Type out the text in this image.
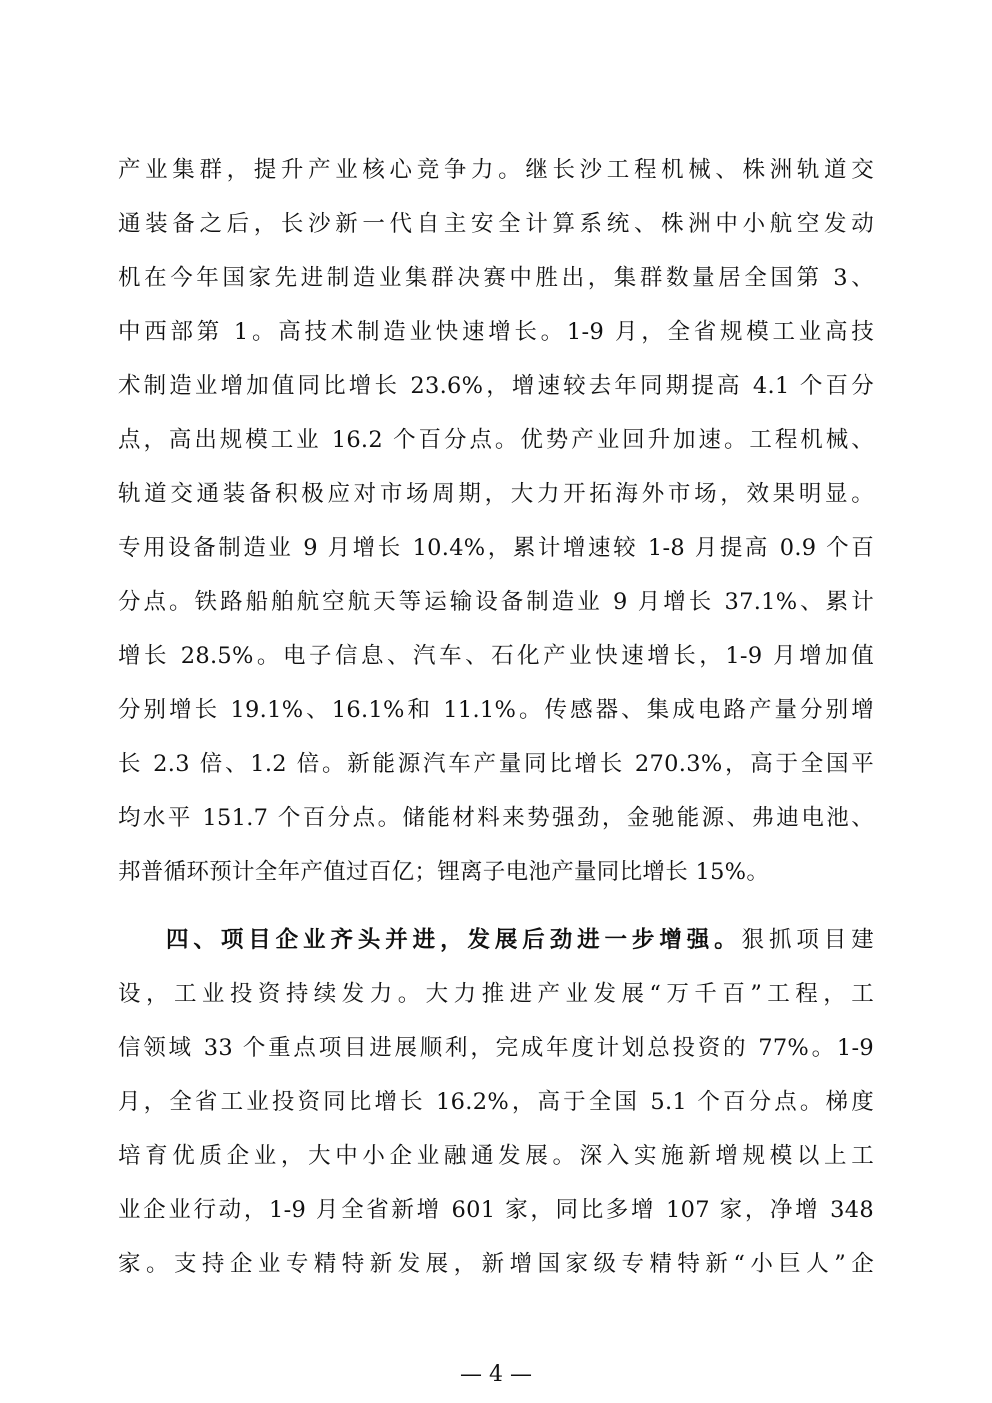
产业集群，提升产业核心竞争力。继长沙工程机械、株洲轨道交
通装备之后，长沙新一代自主安全计算系统、株洲中小航空发动
机在今年国家先进制造业集群决赛中胜出，集群数量居全国第 3、
中西部第 1。高技术制造业快速增长。1-9 月，全省规模工业高技
术制造业增加值同比增长 23.6%，增速较去年同期提高 4.1 个百分
点，高出规模工业 16.2 个百分点。优势产业回升加速。工程机械、
轨道交通装备积极应对市场周期，大力开拓海外市场，效果明显。
专用设备制造业 9 月增长 10.4%，累计增速较 1-8 月提高 0.9 个百
分点。铁路船舶航空航天等运输设备制造业 9 月增长 37.1%、累计
增长 28.5%。电子信息、汽车、石化产业快速增长，1-9 月增加值
分别增长 19.1%、16.1%和 11.1%。传感器、集成电路产量分别增
长 2.3 倍、1.2 倍。新能源汽车产量同比增长 270.3%，高于全国平
均水平 151.7 个百分点。储能材料来势强劲，金驰能源、弗迪电池、
邦普循环预计全年产值过百亿；锂离子电池产量同比增长 15%。
四、项目企业齐头并进，发展后劲进一步增强。狠抓项目建
设，工业投资持续发力。大力推进产业发展“万千百”工程，工
信领域 33 个重点项目进展顺利，完成年度计划总投资的 77%。1-9
月，全省工业投资同比增长 16.2%，高于全国 5.1 个百分点。梯度
培育优质企业，大中小企业融通发展。深入实施新增规模以上工
业企业行动，1-9 月全省新增 601 家，同比多增 107 家，净增 348
家。支持企业专精特新发展，新增国家级专精特新“小巨人”企
— 4 —
